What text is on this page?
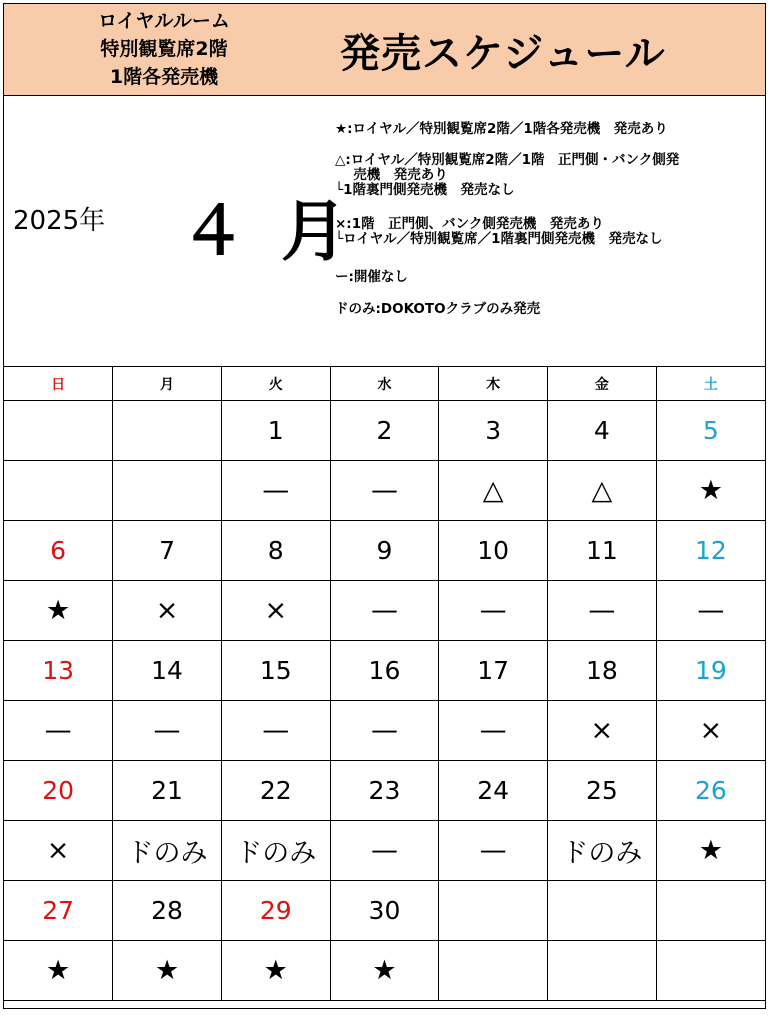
ロイヤルルーム
特別観覧席2階
1階各発売機	発売スケジュール
2025年 ４ 月
★:ロイヤル／特別観覧席2階／1階各発売機　発売あり
△:ロイヤル／特別観覧席2階／1階　正門側・バンク側発
　 売機　発売あり
└1階裏門側発売機　発売なし
×:1階　正門側、バンク側発売機　発売あり
└ロイヤル／特別観覧席／1階裏門側発売機　発売なし
ー:開催なし
ドのみ:DOKOTOクラブのみ発売
日	月	火	水	木	金	土
		1	2	3	4	5
		—	—	△	△	★
6	7	8	9	10	11	12
★	×	×	—	—	—	—
13	14	15	16	17	18	19
—	—	—	—	—	×	×
20	21	22	23	24	25	26
×	ドのみ	ドのみ	—	—	ドのみ	★
27	28	29	30			
★	★	★	★			
